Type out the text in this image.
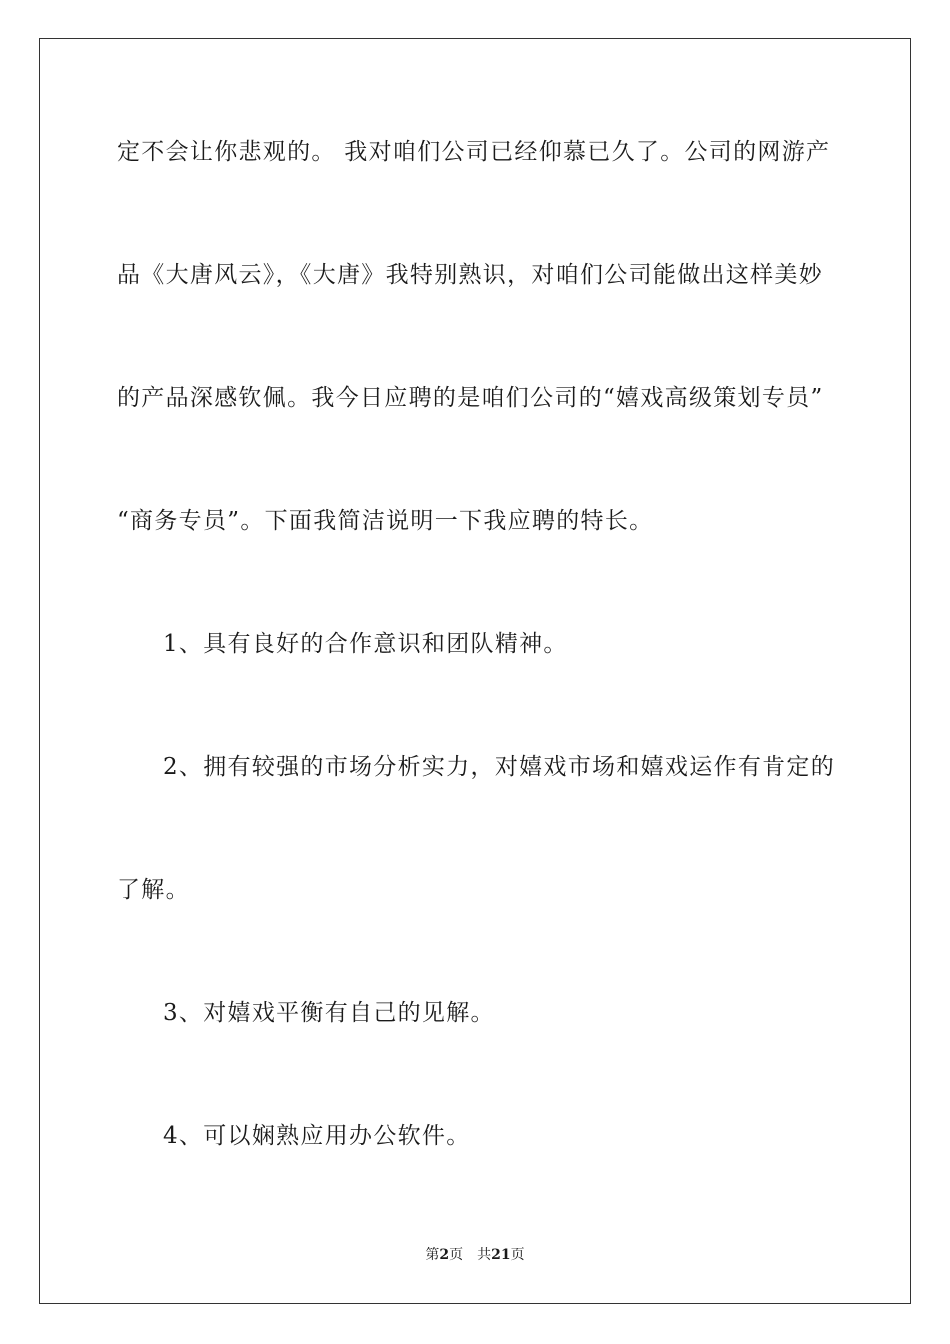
定不会让你悲观的。 我对咱们公司已经仰慕已久了。公司的网游产
品《大唐风云》，《大唐》我特别熟识，对咱们公司能做出这样美妙
的产品深感钦佩。我今日应聘的是咱们公司的“嬉戏高级策划专员”
“商务专员”。下面我简洁说明一下我应聘的特长。
1、具有良好的合作意识和团队精神。
2、拥有较强的市场分析实力，对嬉戏市场和嬉戏运作有肯定的
了解。
3、对嬉戏平衡有自己的见解。
4、可以娴熟应用办公软件。
第2页 共21页
